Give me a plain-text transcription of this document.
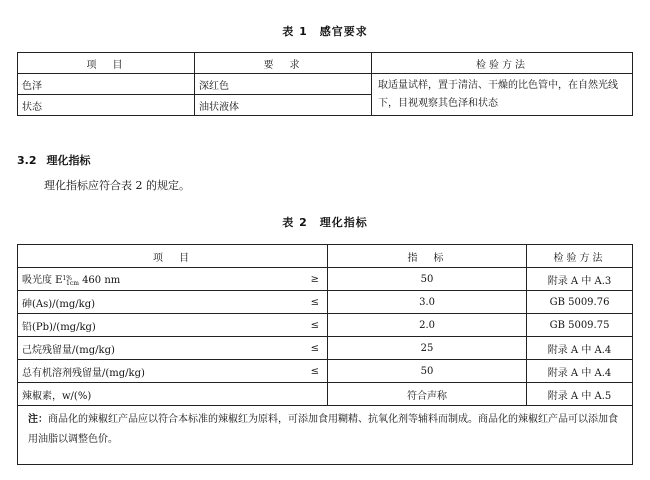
表 1　感官要求
项　目	要　求	检验方法
色泽	深红色	取适量试样，置于清洁、干燥的比色管中，在自然光线下，目视观察其色泽和状态
状态	油状液体	
3.2 理化指标
理化指标应符合表 2 的规定。
表 2　理化指标
项　目		指　标	检验方法
吸光度 $E^{1\%}_{1cm}$ 460 nm	≥	50	附录 A 中 A.3
砷(As)/(mg/kg)	≤	3.0	GB 5009.76
铅(Pb)/(mg/kg)	≤	2.0	GB 5009.75
己烷残留量/(mg/kg)	≤	25	附录 A 中 A.4
总有机溶剂残留量/(mg/kg)	≤	50	附录 A 中 A.4
辣椒素，w/(%)		符合声称	附录 A 中 A.5
注：商品化的辣椒红产品应以符合本标准的辣椒红为原料，可添加食用糊精、抗氧化剂等辅料而制成。商品化的辣椒红产品可以添加食用油脂以调整色价。			
